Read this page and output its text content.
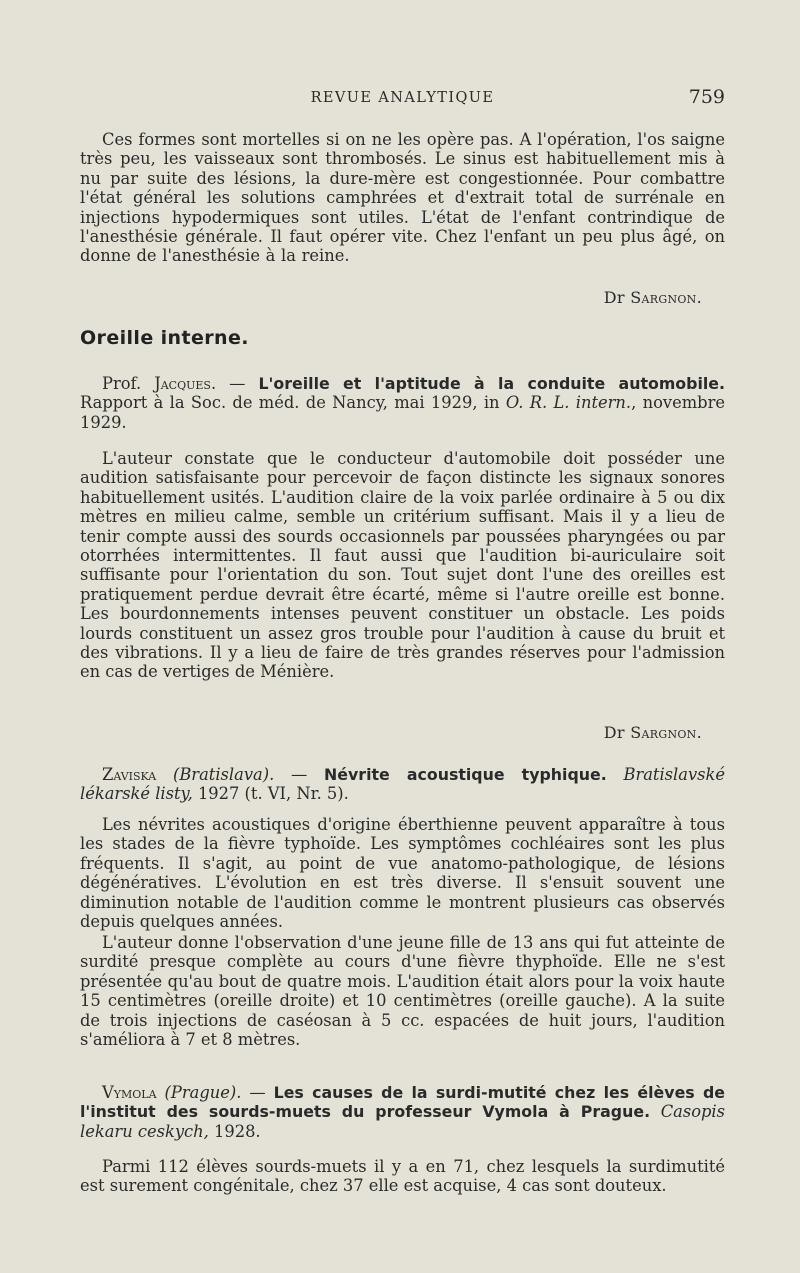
REVUE ANALYTIQUE	759

Ces formes sont mortelles si on ne les opère pas. A l'opération, l'os saigne très peu, les vaisseaux sont thrombosés. Le sinus est habituellement mis à nu par suite des lésions, la dure-mère est congestionnée. Pour combattre l'état général les solutions camphrées et d'extrait total de surrénale en injections hypodermiques sont utiles. L'état de l'enfant contrindique de l'anesthésie générale. Il faut opérer vite. Chez l'enfant un peu plus âgé, on donne de l'anesthésie à la reine.

Dr Sargnon.
Oreille interne.

Prof. Jacques. — L'oreille et l'aptitude à la conduite automobile. Rapport à la Soc. de méd. de Nancy, mai 1929, in O. R. L. intern., novembre 1929.

L'auteur constate que le conducteur d'automobile doit posséder une audition satisfaisante pour percevoir de façon distincte les signaux sonores habituellement usités. L'audition claire de la voix parlée ordinaire à 5 ou dix mètres en milieu calme, semble un critérium suffisant. Mais il y a lieu de tenir compte aussi des sourds occasionnels par poussées pharyngées ou par otorrhées intermittentes. Il faut aussi que l'audition bi-auriculaire soit suffisante pour l'orientation du son. Tout sujet dont l'une des oreilles est pratiquement perdue devrait être écarté, même si l'autre oreille est bonne. Les bourdonnements intenses peuvent constituer un obstacle. Les poids lourds constituent un assez gros trouble pour l'audition à cause du bruit et des vibrations. Il y a lieu de faire de très grandes réserves pour l'admission en cas de vertiges de Ménière.

Dr Sargnon.

Zaviska (Bratislava). — Névrite acoustique typhique. Bratislavské lékarské listy, 1927 (t. VI, Nr. 5).

Les névrites acoustiques d'origine éberthienne peuvent apparaître à tous les stades de la fièvre typhoïde. Les symptômes cochléaires sont les plus fréquents. Il s'agit, au point de vue anatomo-pathologique, de lésions dégénératives. L'évolution en est très diverse. Il s'ensuit souvent une diminution notable de l'audition comme le montrent plusieurs cas observés depuis quelques années.

L'auteur donne l'observation d'une jeune fille de 13 ans qui fut atteinte de surdité presque complète au cours d'une fièvre thyphoïde. Elle ne s'est présentée qu'au bout de quatre mois. L'audition était alors pour la voix haute 15 centimètres (oreille droite) et 10 centimètres (oreille gauche). A la suite de trois injections de caséosan à 5 cc. espacées de huit jours, l'audition s'améliora à 7 et 8 mètres.

Vymola (Prague). — Les causes de la surdi-mutité chez les élèves de l'institut des sourds-muets du professeur Vymola à Prague. Casopis lekaru ceskych, 1928.

Parmi 112 élèves sourds-muets il y a en 71, chez lesquels la surdimutité est surement congénitale, chez 37 elle est acquise, 4 cas sont douteux.
